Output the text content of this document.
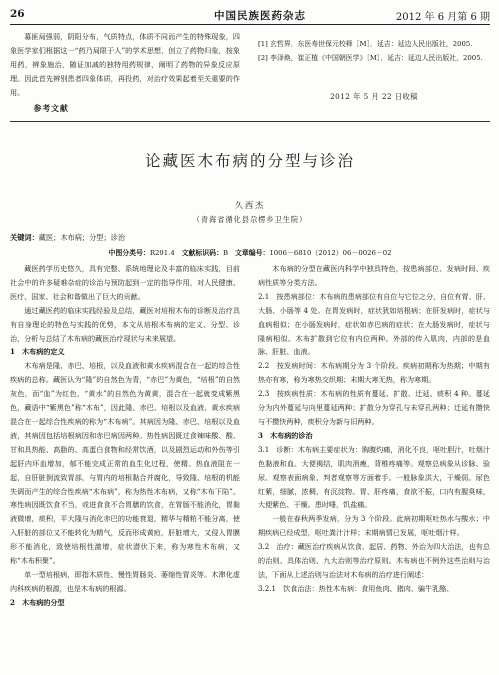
26	中国民族医药杂志	2012 年 6 月第 6 期

募匪局强弱，阴阳分布，气质特点，体质不同而产生的特殊现象，四象医学家们根据这一“药乃局限于人”的学术思想，创立了药物归象，按象用药，辨象施治，随证加减的独特用药规律，阐明了药物的异象反应原理。因此首先辨别患者四象体质，再投药，对治疗效果起着至关重要的作用。

参考文献

[1] 玄哲界．东医寿世保元校释［M］．延吉：延边人民出版社，2005.

[2] 李泽焕，崔正植《中国朝医学》［M］．延吉：延边人民出版社，2005.

2012 年 5 月 22 日收稿
论藏医木布病的分型与诊治
久西杰
（青海省循化县尕楞乡卫生院）
关键词：藏医；木布病；分型；诊治
中图分类号：R291.4  文献标识码：B  文章编号：1006－6810（2012）06－0026－02

藏医药学历史悠久，具有完整、系统地理论及丰富的临床实践，目前社会中的许多疑难杂症的诊治与预防起到一定的指导作用，对人民健康、医疗、国家、社会和谐做出了巨大的贡献。

通过藏医药的临床实践经验及总结，藏医对培根木布的诊断及治疗具有自身理论的特色与实践的优势，本文从培根木布病的定义、分型、诊治，分析与总结了木布病的藏医治疗现状与未来展望。

1　木布病的定义

木布病是隆、赤巴、培根，以及血液和黄水疾病混合在一起的综合性疾病的总称。藏医认为“隆”的自然色为青，“赤巴”为黄色，“培根”的自然灰色，而“血”为红色，“黄水”的自然色为黄黄，混合在一起就变成紫黑色，藏语中“紫黑色”称“木布”，因此隆、赤巴、培根以及血液、黄水疾病混合在一起综合性疾病的称为“木布病”。其病因为隆、赤巴、培根以及血液，其病因包括培根病因和赤巴病因两种。热性病因既过食辣味酸、酸、甘和具热能、高脂的、高蛋白食物和经常饮酒，以及剧烈运动和外伤等引起肝内坏血增加，郁不能完成正常的血生化过程，使精、热血液阻在一起，自肝脏倒流致胃部，与胃内的培根黏合并腐化，导致隆、培根的机能失调而产生的综合性疾病“木布病”，称为热性木布病，又称“木布下陷”。寒性病因既饮食不当，或进食食不合胃膳的饮食，在胃肠不能消化，胃黏液微增，痰积，平大隆与消化赤巴的功能衰退，精华与精粕不能分离，使入肝脏的部位又不能转化为精气，反而形成黄疸，肝脏增大，又侵入胃膜形不能消化，致使培根性激增，症状潜伏下来，称为寒性木布病，又称“木布积聚”。

单一型培根病，即指木质性、慢性胃肠炎、萎缩性胃炎等。木滞化虚内科疾病的根源，也是木布病的根源。

2　木布病的分型

木布病的分型在藏医内科学中独具特色，按患病部位、发病时间、疾病性质等分类方法。

2.1　按患病部位：木布病的患病部位有自位与它位之分，自位有胃、肝、大肠、小肠等 4 处。在胃发病时，症状犹如培根病；在肝发病时，症状与血病相似；在小肠发病时，症状如赤巴病的症状；在大肠发病时，症状与隆病相似。木布扩散到它位有内位两种。外部的传入肌肉，内部的是血脉、肝脏、血液。

2.2　按发病时间：木布病期分为 3 个阶段。疾病初期称为热期；中期有热亦有寒，称为寒热交织期；末期大寒无热，称为寒期。

2.3　按疾病性质：木布病的性质有蔓延、扩散、迁延、痰积 4 种。蔓延分为内外蔓延与向里蔓延两种；扩散分为穿孔与未穿孔两种；迁延有攒快与不攒快两种，痰积分为新与旧两种。

3　木布病的诊治

3.1　诊断：木布病主要症状为：胸腹灼痛，消化不良，呕吐胆汁，吐烟汁色黏液和血、大便褐结，肌肉消瘦，背椎疼痛等。观察总病象从诊脉、验尿、观察表面病象、判者观察等方面着手。一般脉象洪大，干燥弱。尿色红紫，细腻，浓稠，有沉淀物。胃、肝疼痛，食欲不振，口内有腥臭味，大便紫色、干燥。患时唾，饥盐痛。

一般在春秋两季发病，分为 3 个阶段。此病初期呕吐热水与酸水；中期疾病已经成型，呕吐粪汁汁样；末期病情已发展，呕吐烟汁样。

3.2　治疗：藏医治疗疾病从饮食、起居、药物、外治为四大治法，也有总的治则、具体治则、九大治则等治疗原则。木布病也不例外这些治则与治法，下面从上述治则与治法对木布病的治疗进行阐述：

3.2.1　饮食治法：热性木布病：食用鱼肉、猪肉、骗牛乳酪、
